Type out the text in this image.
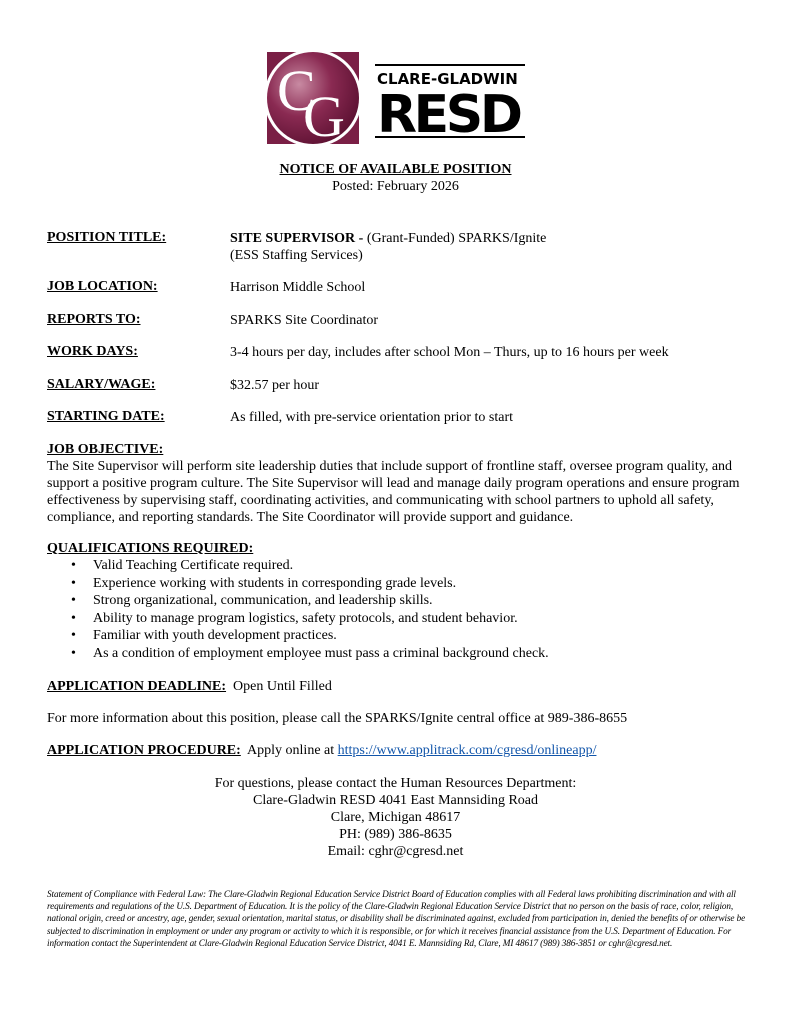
C
G
CLARE-GLADWIN
RESD
NOTICE OF AVAILABLE POSITION
Posted: February 2026
POSITION TITLE:	SITE SUPERVISOR - (Grant-Funded) SPARKS/Ignite
(ESS Staffing Services)
JOB LOCATION:	Harrison Middle School
REPORTS TO:	SPARKS Site Coordinator
WORK DAYS:	3-4 hours per day, includes after school Mon – Thurs, up to 16 hours per week
SALARY/WAGE:	$32.57 per hour
STARTING DATE:	As filled, with pre-service orientation prior to start
JOB OBJECTIVE:
The Site Supervisor will perform site leadership duties that include support of frontline staff, oversee program quality, and support a positive program culture. The Site Supervisor will lead and manage daily program operations and ensure program effectiveness by supervising staff, coordinating activities, and communicating with school partners to uphold all safety, compliance, and reporting standards. The Site Coordinator will provide support and guidance.
QUALIFICATIONS REQUIRED:
• Valid Teaching Certificate required.
• Experience working with students in corresponding grade levels.
• Strong organizational, communication, and leadership skills.
• Ability to manage program logistics, safety protocols, and student behavior.
• Familiar with youth development practices.
• As a condition of employment employee must pass a criminal background check.
APPLICATION DEADLINE: Open Until Filled
For more information about this position, please call the SPARKS/Ignite central office at 989-386-8655
APPLICATION PROCEDURE: Apply online at https://www.applitrack.com/cgresd/onlineapp/
For questions, please contact the Human Resources Department:
Clare-Gladwin RESD 4041 East Mannsiding Road
Clare, Michigan 48617
PH: (989) 386-8635
Email: cghr@cgresd.net
Statement of Compliance with Federal Law: The Clare-Gladwin Regional Education Service District Board of Education complies with all Federal laws prohibiting discrimination and with all requirements and regulations of the U.S. Department of Education. It is the policy of the Clare-Gladwin Regional Education Service District that no person on the basis of race, color, religion, national origin, creed or ancestry, age, gender, sexual orientation, marital status, or disability shall be discriminated against, excluded from participation in, denied the benefits of or otherwise be subjected to discrimination in employment or under any program or activity to which it is responsible, or for which it receives financial assistance from the U.S. Department of Education. For information contact the Superintendent at Clare-Gladwin Regional Education Service District, 4041 E. Mannsiding Rd, Clare, MI 48617 (989) 386-3851 or cghr@cgresd.net.
